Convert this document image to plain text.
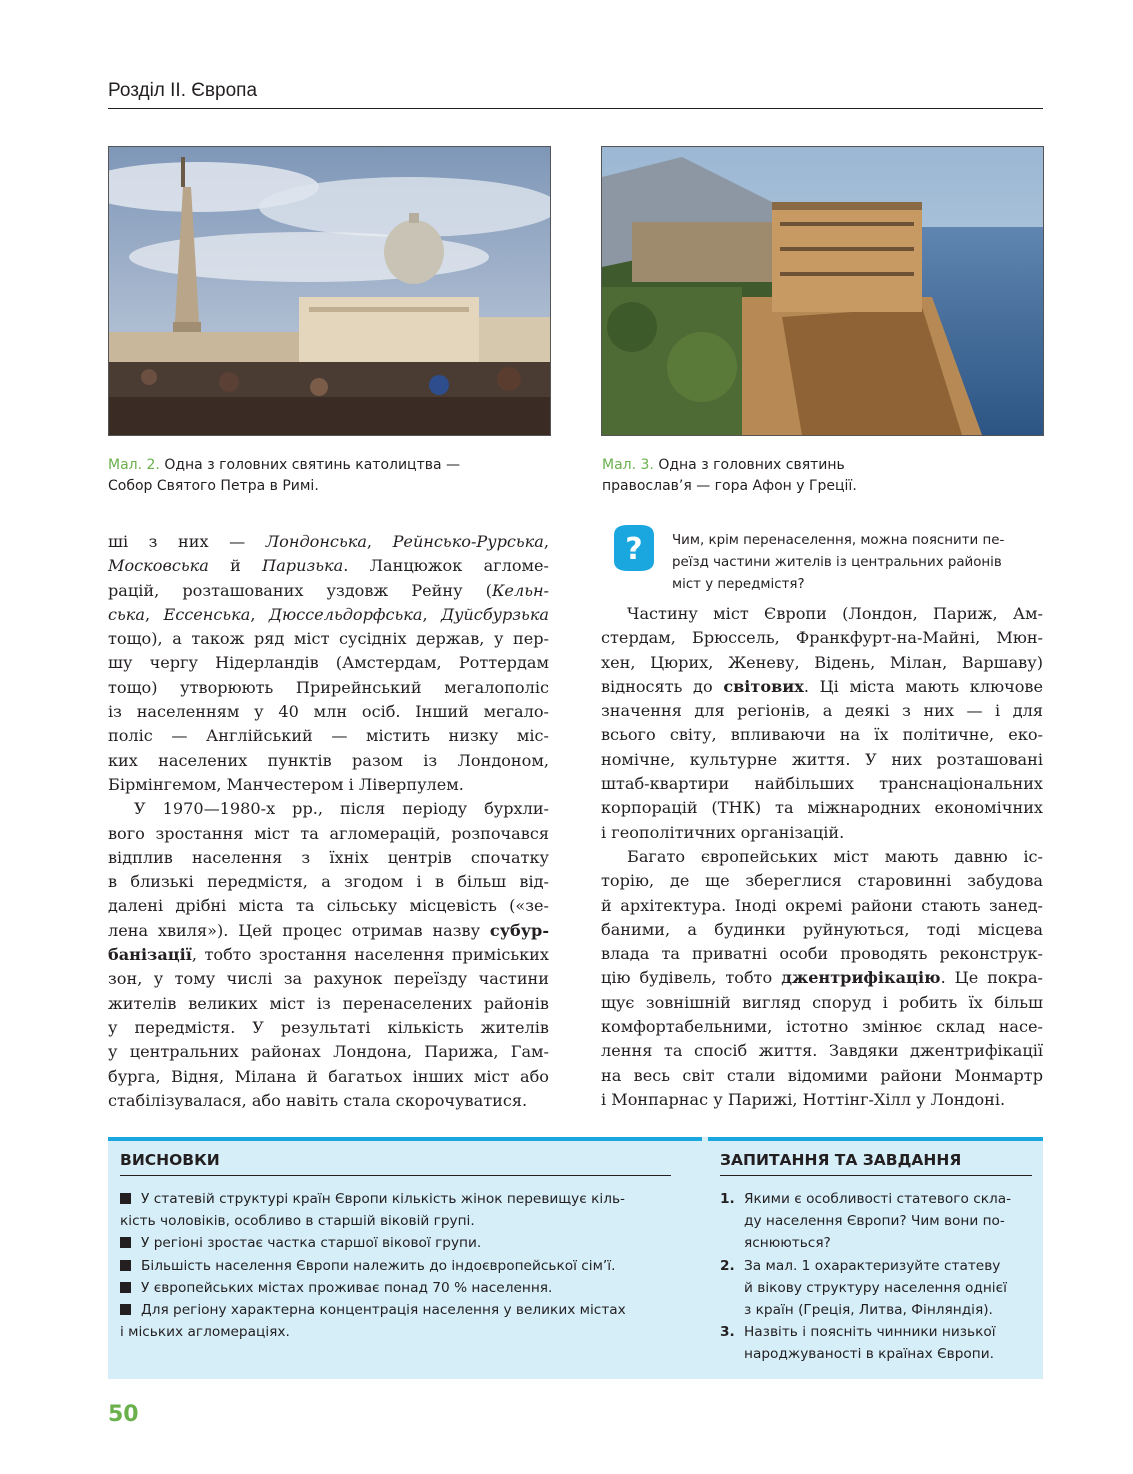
Розділ ІІ. Європа
Мал. 2. Одна з головних святинь католицтва —
Собор Святого Петра в Римі.
Мал. 3. Одна з головних святинь
православ’я — гора Афон у Греції.
ші з них — Лондонська, Рейнсько-Рурська,
Московська й Паризька. Ланцюжок агломе-
рацій, розташованих уздовж Рейну (Кельн-
ська, Ессенська, Дюссельдорфська, Дуйсбурзька
тощо), а також ряд міст сусідніх держав, у пер-
шу чергу Нідерландів (Амстердам, Роттердам
тощо) утворюють Прирейнський мегалополіс
із населенням у 40 млн осіб. Інший мегало-
поліс — Англійський — містить низку міс-
ких населених пунктів разом із Лондоном,
Бірмінгемом, Манчестером і Ліверпулем.
У 1970—1980-х рр., після періоду бурхли-
вого зростання міст та агломерацій, розпочався
відплив населення з їхніх центрів спочатку
в близькі передмістя, а згодом і в більш від-
далені дрібні міста та сільську місцевість («зе-
лена хвиля»). Цей процес отримав назву субур-
банізації, тобто зростання населення приміських
зон, у тому числі за рахунок переїзду частини
жителів великих міст із перенаселених районів
у передмістя. У результаті кількість жителів
у центральних районах Лондона, Парижа, Гам-
бурга, Відня, Мілана й багатьох інших міст або
стабілізувалася, або навіть стала скорочуватися.
? Чим, крім перенаселення, можна пояснити пе-
реїзд частини жителів із центральних районів
міст у передмістя?
Частину міст Європи (Лондон, Париж, Ам-
стердам, Брюссель, Франкфурт-на-Майні, Мюн-
хен, Цюрих, Женеву, Відень, Мілан, Варшаву)
відносять до світових. Ці міста мають ключове
значення для регіонів, а деякі з них — і для
всього світу, впливаючи на їх політичне, еко-
номічне, культурне життя. У них розташовані
штаб-квартири найбільших транснаціональних
корпорацій (ТНК) та міжнародних економічних
і геополітичних організацій.
Багато європейських міст мають давню іс-
торію, де ще збереглися старовинні забудова
й архітектура. Іноді окремі райони стають занед-
баними, а будинки руйнуються, тоді місцева
влада та приватні особи проводять реконструк-
цію будівель, тобто джентрифікацію. Це покра-
щує зовнішній вигляд споруд і робить їх більш
комфортабельними, істотно змінює склад насе-
лення та спосіб життя. Завдяки джентрифікації
на весь світ стали відомими райони Монмартр
і Монпарнас у Парижі, Ноттінг-Хілл у Лондоні.
ВИСНОВКИ
У статевій структурі країн Європи кількість жінок перевищує кіль-
кість чоловіків, особливо в старшій віковій групі.
У регіоні зростає частка старшої вікової групи.
Більшість населення Європи належить до індоєвропейської сім’ї.
У європейських містах проживає понад 70 % населення.
Для регіону характерна концентрація населення у великих містах
і міських агломераціях.
ЗАПИТАННЯ ТА ЗАВДАННЯ
1. Якими є особливості статевого скла-
ду населення Європи? Чим вони по-
яснюються?
2. За мал. 1 охарактеризуйте статеву
й вікову структуру населення однієї
з країн (Греція, Литва, Фінляндія).
3. Назвіть і поясніть чинники низької
народжуваності в країнах Європи.
50
